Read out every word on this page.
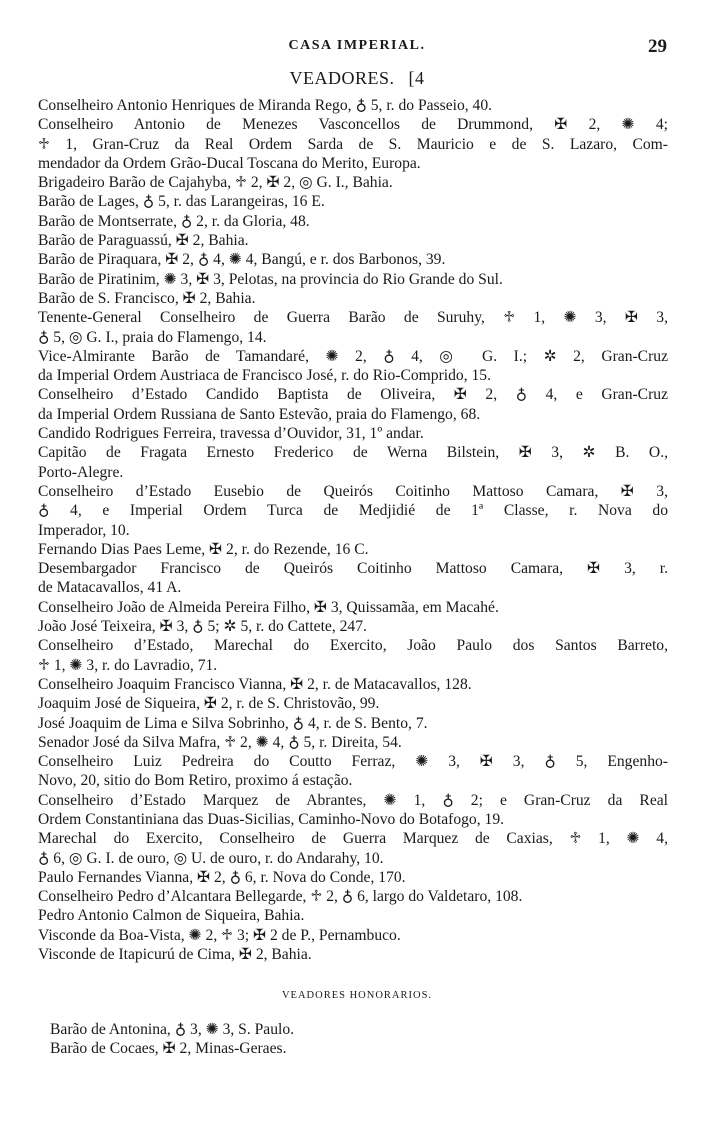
CASA IMPERIAL.	29
VEADORES. [4

Conselheiro Antonio Henriques de Miranda Rego, ♁ 5, r. do Passeio, 40.

Conselheiro Antonio de Menezes Vasconcellos de Drummond, ✠ 2, ✺ 4;
♱ 1, Gran-Cruz da Real Ordem Sarda de S. Mauricio e de S. Lazaro, Com-
mendador da Ordem Grão-Ducal Toscana do Merito, Europa.

Brigadeiro Barão de Cajahyba, ♱ 2, ✠ 2, ◎ G. I., Bahia.

Barão de Lages, ♁ 5, r. das Larangeiras, 16 E.

Barão de Montserrate, ♁ 2, r. da Gloria, 48.

Barão de Paraguassú, ✠ 2, Bahia.

Barão de Piraquara, ✠ 2, ♁ 4, ✺ 4, Bangú, e r. dos Barbonos, 39.

Barão de Piratinim, ✺ 3, ✠ 3, Pelotas, na provincia do Rio Grande do Sul.

Barão de S. Francisco, ✠ 2, Bahia.

Tenente-General Conselheiro de Guerra Barão de Suruhy, ♱ 1, ✺ 3, ✠ 3,
♁ 5, ◎ G. I., praia do Flamengo, 14.

Vice-Almirante Barão de Tamandaré, ✺ 2, ♁ 4, ◎ G. I.; ✲ 2, Gran-Cruz
da Imperial Ordem Austriaca de Francisco José, r. do Rio-Comprido, 15.

Conselheiro d’Estado Candido Baptista de Oliveira, ✠ 2, ♁ 4, e Gran-Cruz
da Imperial Ordem Russiana de Santo Estevão, praia do Flamengo, 68.

Candido Rodrigues Ferreira, travessa d’Ouvidor, 31, 1º andar.

Capitão de Fragata Ernesto Frederico de Werna Bilstein, ✠ 3, ✲ B. O.,
Porto-Alegre.

Conselheiro d’Estado Eusebio de Queirós Coitinho Mattoso Camara, ✠ 3,
♁ 4, e Imperial Ordem Turca de Medjidié de 1ª Classe, r. Nova do
Imperador, 10.

Fernando Dias Paes Leme, ✠ 2, r. do Rezende, 16 C.

Desembargador Francisco de Queirós Coitinho Mattoso Camara, ✠ 3, r.
de Matacavallos, 41 A.

Conselheiro João de Almeida Pereira Filho, ✠ 3, Quissamãa, em Macahé.

João José Teixeira, ✠ 3, ♁ 5; ✲ 5, r. do Cattete, 247.

Conselheiro d’Estado, Marechal do Exercito, João Paulo dos Santos Barreto,
♱ 1, ✺ 3, r. do Lavradio, 71.

Conselheiro Joaquim Francisco Vianna, ✠ 2, r. de Matacavallos, 128.

Joaquim José de Siqueira, ✠ 2, r. de S. Christovão, 99.

José Joaquim de Lima e Silva Sobrinho, ♁ 4, r. de S. Bento, 7.

Senador José da Silva Mafra, ♱ 2, ✺ 4, ♁ 5, r. Direita, 54.

Conselheiro Luiz Pedreira do Coutto Ferraz, ✺ 3, ✠ 3, ♁ 5, Engenho-
Novo, 20, sitio do Bom Retiro, proximo á estação.

Conselheiro d’Estado Marquez de Abrantes, ✺ 1, ♁ 2; e Gran-Cruz da Real
Ordem Constantiniana das Duas-Sicilias, Caminho-Novo do Botafogo, 19.

Marechal do Exercito, Conselheiro de Guerra Marquez de Caxias, ♱ 1, ✺ 4,
♁ 6, ◎ G. I. de ouro, ◎ U. de ouro, r. do Andarahy, 10.

Paulo Fernandes Vianna, ✠ 2, ♁ 6, r. Nova do Conde, 170.

Conselheiro Pedro d’Alcantara Bellegarde, ♱ 2, ♁ 6, largo do Valdetaro, 108.

Pedro Antonio Calmon de Siqueira, Bahia.

Visconde da Boa-Vista, ✺ 2, ♱ 3; ✠ 2 de P., Pernambuco.

Visconde de Itapicurú de Cima, ✠ 2, Bahia.

VEADORES HONORARIOS.

Barão de Antonina, ♁ 3, ✺ 3, S. Paulo.

Barão de Cocaes, ✠ 2, Minas-Geraes.
